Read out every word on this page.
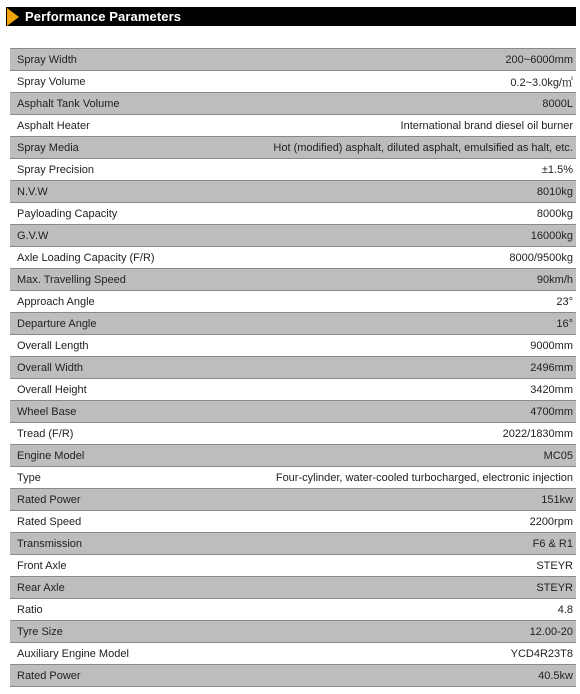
Performance Parameters
Spray Width	200~6000mm
Spray Volume	0.2~3.0kg/㎡
Asphalt Tank Volume	8000L
Asphalt Heater	International brand diesel oil burner
Spray Media	Hot (modified) asphalt, diluted asphalt, emulsified as halt, etc.
Spray Precision	±1.5%
N.V.W	8010kg
Payloading Capacity	8000kg
G.V.W	16000kg
Axle Loading Capacity (F/R)	8000/9500kg
Max. Travelling Speed	90km/h
Approach Angle	23°
Departure Angle	16°
Overall Length	9000mm
Overall Width	2496mm
Overall Height	3420mm
Wheel Base	4700mm
Tread (F/R)	2022/1830mm
Engine Model	MC05
Type	Four-cylinder, water-cooled turbocharged, electronic injection
Rated Power	151kw
Rated Speed	2200rpm
Transmission	F6 & R1
Front Axle	STEYR
Rear Axle	STEYR
Ratio	4.8
Tyre Size	12.00-20
Auxiliary Engine Model	YCD4R23T8
Rated Power	40.5kw
